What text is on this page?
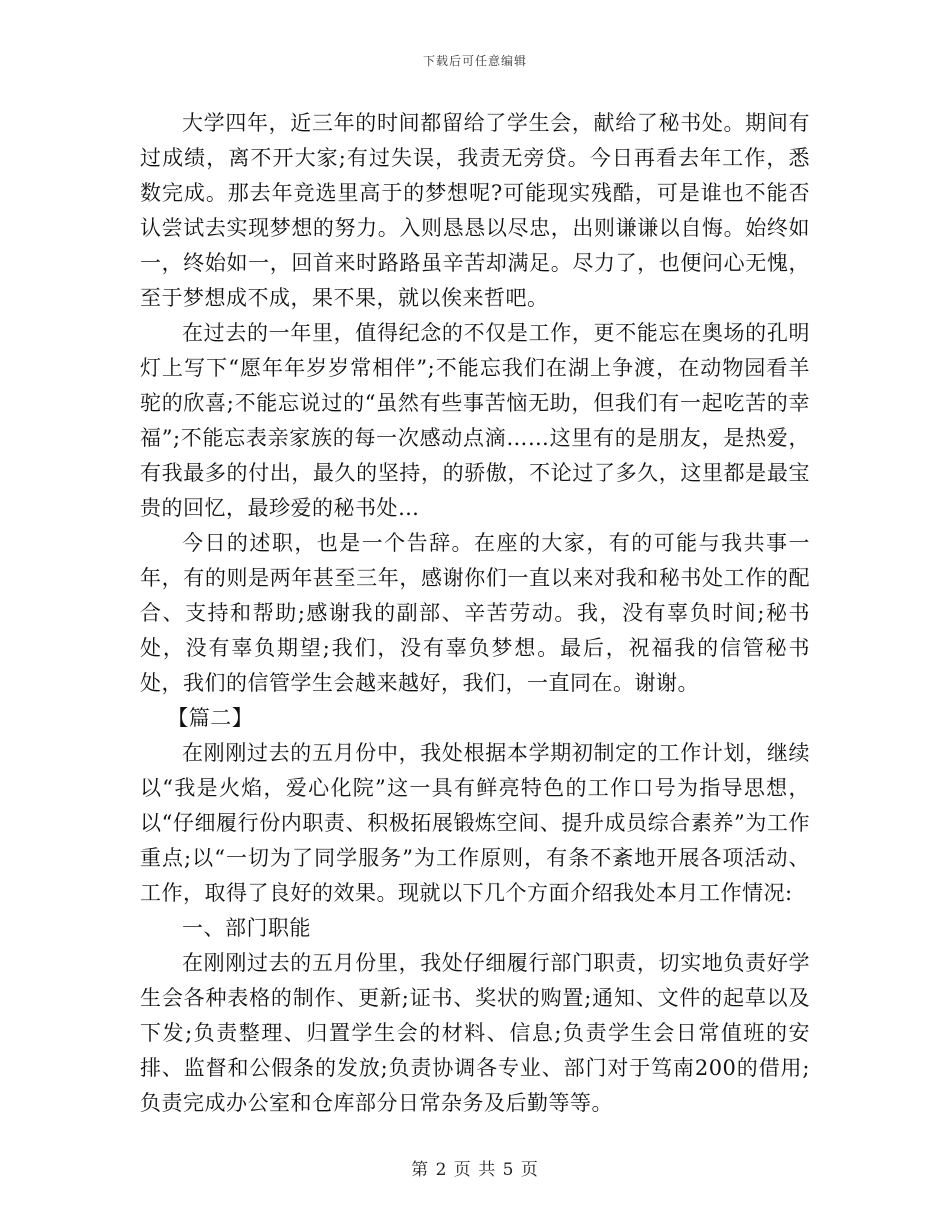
下载后可任意编辑

大学四年，近三年的时间都留给了学生会，献给了秘书处。期间有过成绩，离不开大家;有过失误，我责无旁贷。今日再看去年工作，悉数完成。那去年竞选里高于的梦想呢?可能现实残酷，可是谁也不能否认尝试去实现梦想的努力。入则恳恳以尽忠，出则谦谦以自悔。始终如一，终始如一，回首来时路路虽辛苦却满足。尽力了，也便问心无愧，至于梦想成不成，果不果，就以俟来哲吧。

在过去的一年里，值得纪念的不仅是工作，更不能忘在奥场的孔明灯上写下“愿年年岁岁常相伴”;不能忘我们在湖上争渡，在动物园看羊驼的欣喜;不能忘说过的“虽然有些事苦恼无助，但我们有一起吃苦的幸福”;不能忘表亲家族的每一次感动点滴……这里有的是朋友，是热爱，有我最多的付出，最久的坚持，的骄傲，不论过了多久，这里都是最宝贵的回忆，最珍爱的秘书处…

今日的述职，也是一个告辞。在座的大家，有的可能与我共事一年，有的则是两年甚至三年，感谢你们一直以来对我和秘书处工作的配合、支持和帮助;感谢我的副部、辛苦劳动。我，没有辜负时间;秘书处，没有辜负期望;我们，没有辜负梦想。最后，祝福我的信管秘书处，我们的信管学生会越来越好，我们，一直同在。谢谢。

【篇二】

在刚刚过去的五月份中，我处根据本学期初制定的工作计划，继续以“我是火焰，爱心化院”这一具有鲜亮特色的工作口号为指导思想，以“仔细履行份内职责、积极拓展锻炼空间、提升成员综合素养”为工作重点;以“一切为了同学服务”为工作原则，有条不紊地开展各项活动、工作，取得了良好的效果。现就以下几个方面介绍我处本月工作情况:

一、部门职能

在刚刚过去的五月份里，我处仔细履行部门职责，切实地负责好学生会各种表格的制作、更新;证书、奖状的购置;通知、文件的起草以及下发;负责整理、归置学生会的材料、信息;负责学生会日常值班的安排、监督和公假条的发放;负责协调各专业、部门对于笃南200的借用;负责完成办公室和仓库部分日常杂务及后勤等等。

第 2 页 共 5 页
